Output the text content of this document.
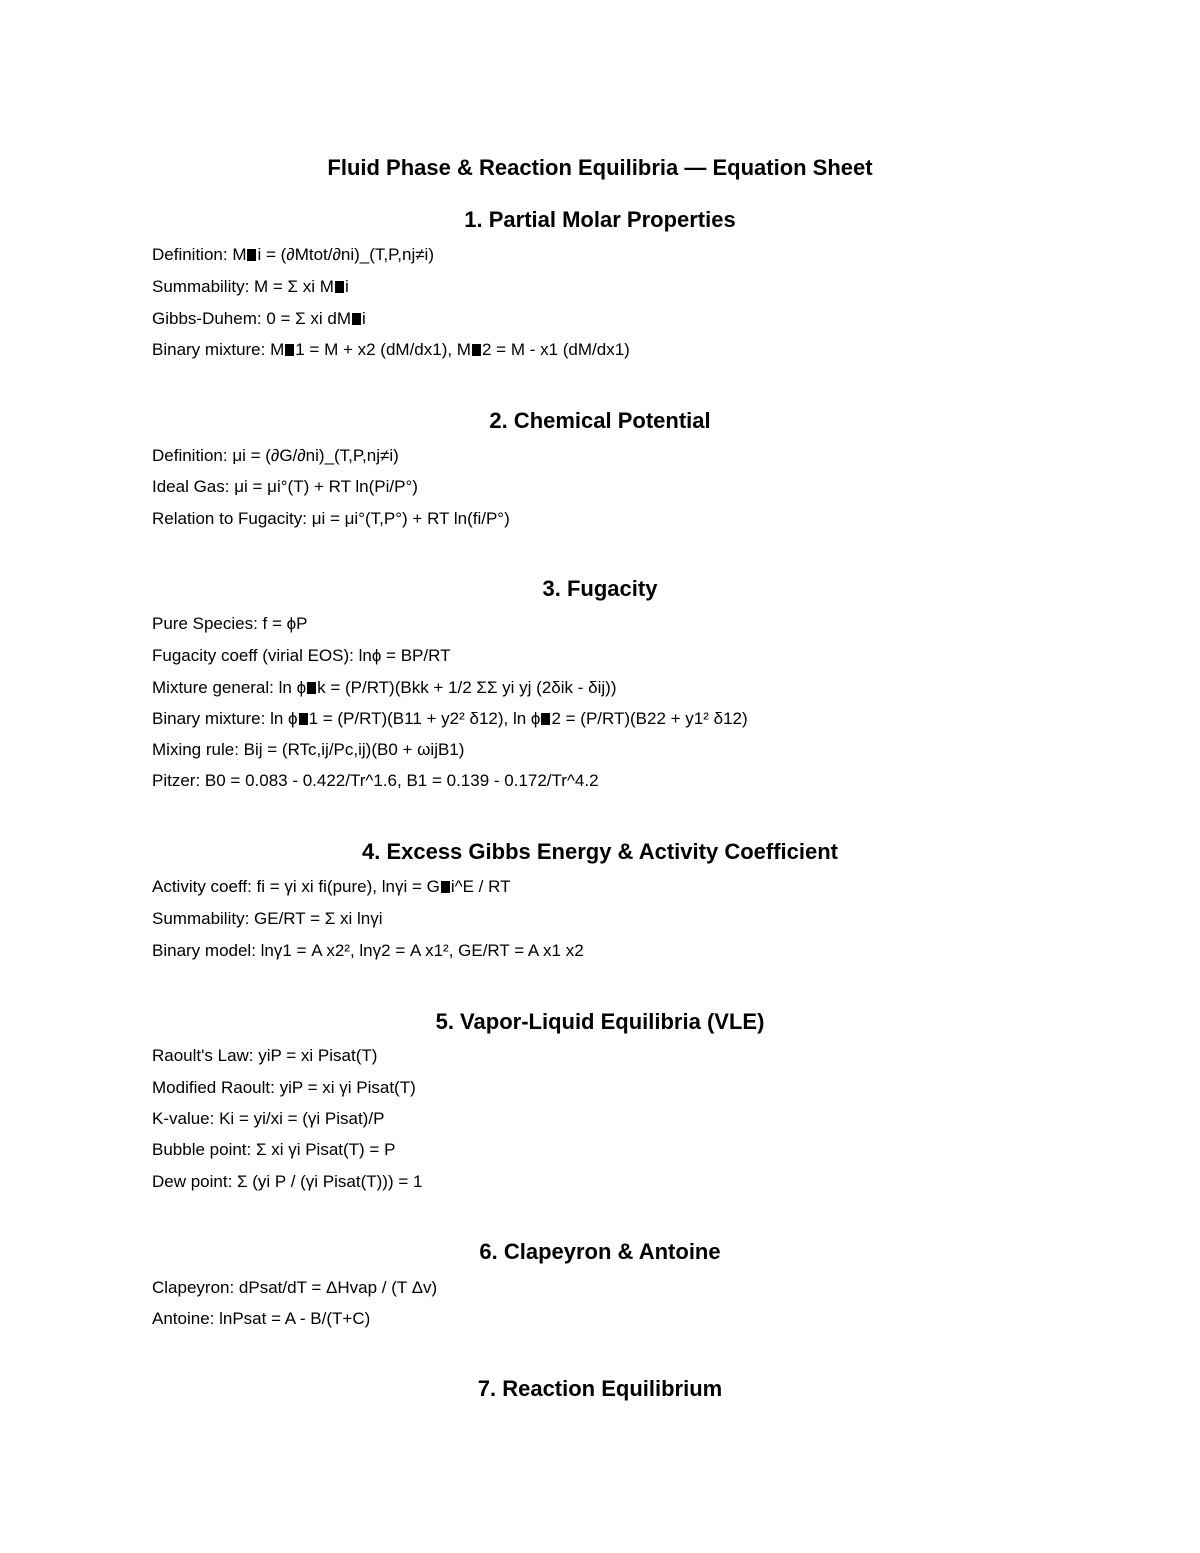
Fluid Phase & Reaction Equilibria — Equation Sheet
1. Partial Molar Properties

Definition: M i = (∂Mtot/∂ni)_(T,P,nj≠i)

Summability: M = Σ xi M i

Gibbs-Duhem: 0 = Σ xi dM i

Binary mixture: M 1 = M + x2 (dM/dx1), M 2 = M - x1 (dM/dx1)

2. Chemical Potential

Definition: μi = (∂G/∂ni)_(T,P,nj≠i)

Ideal Gas: μi = μi°(T) + RT ln(Pi/P°)

Relation to Fugacity: μi = μi°(T,P°) + RT ln(fi/P°)

3. Fugacity

Pure Species: f = ϕP

Fugacity coeff (virial EOS): lnϕ = BP/RT

Mixture general: ln ϕ k = (P/RT)(Bkk + 1/2 ΣΣ yi yj (2δik - δij))

Binary mixture: ln ϕ 1 = (P/RT)(B11 + y2² δ12), ln ϕ 2 = (P/RT)(B22 + y1² δ12)

Mixing rule: Bij = (RTc,ij/Pc,ij)(B0 + ωijB1)

Pitzer: B0 = 0.083 - 0.422/Tr^1.6, B1 = 0.139 - 0.172/Tr^4.2

4. Excess Gibbs Energy & Activity Coefficient

Activity coeff: fi = γi xi fi(pure), lnγi = G i^E / RT

Summability: GE/RT = Σ xi lnγi

Binary model: lnγ1 = A x2², lnγ2 = A x1², GE/RT = A x1 x2

5. Vapor-Liquid Equilibria (VLE)

Raoult's Law: yiP = xi Pisat(T)

Modified Raoult: yiP = xi γi Pisat(T)

K-value: Ki = yi/xi = (γi Pisat)/P

Bubble point: Σ xi γi Pisat(T) = P

Dew point: Σ (yi P / (γi Pisat(T))) = 1

6. Clapeyron & Antoine

Clapeyron: dPsat/dT = ΔHvap / (T Δv)

Antoine: lnPsat = A - B/(T+C)

7. Reaction Equilibrium
